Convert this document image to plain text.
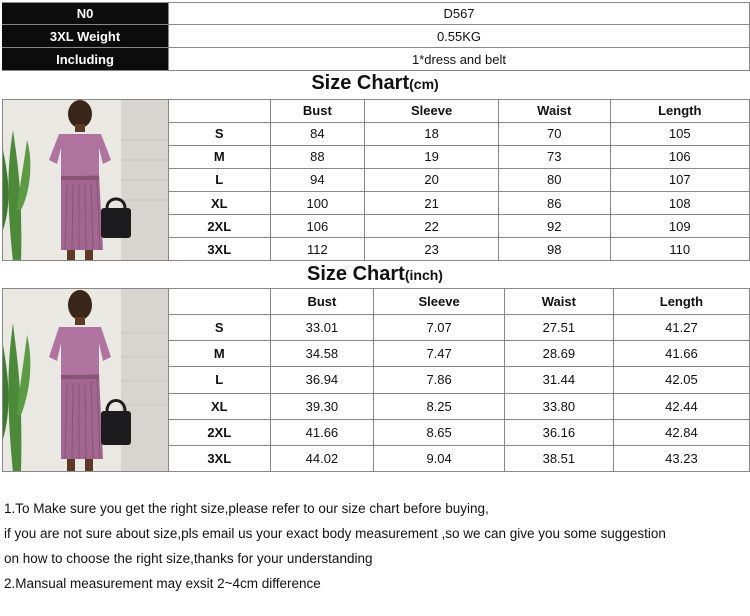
N0	D567
3XL Weight	0.55KG
Including	1*dress and belt
Size Chart(cm)
	Bust	Sleeve	Waist	Length
S	84	18	70	105
M	88	19	73	106
L	94	20	80	107
XL	100	21	86	108
2XL	106	22	92	109
3XL	112	23	98	110
Size Chart(inch)
	Bust	Sleeve	Waist	Length
S	33.01	7.07	27.51	41.27
M	34.58	7.47	28.69	41.66
L	36.94	7.86	31.44	42.05
XL	39.30	8.25	33.80	42.44
2XL	41.66	8.65	36.16	42.84
3XL	44.02	9.04	38.51	43.23

1.To Make sure you get the right size,please refer to our size chart before buying,

if you are not sure about size,pls email us your exact body measurement ,so we can give you some suggestion

on how to choose the right size,thanks for your understanding

2.Mansual measurement may exsit 2~4cm difference
